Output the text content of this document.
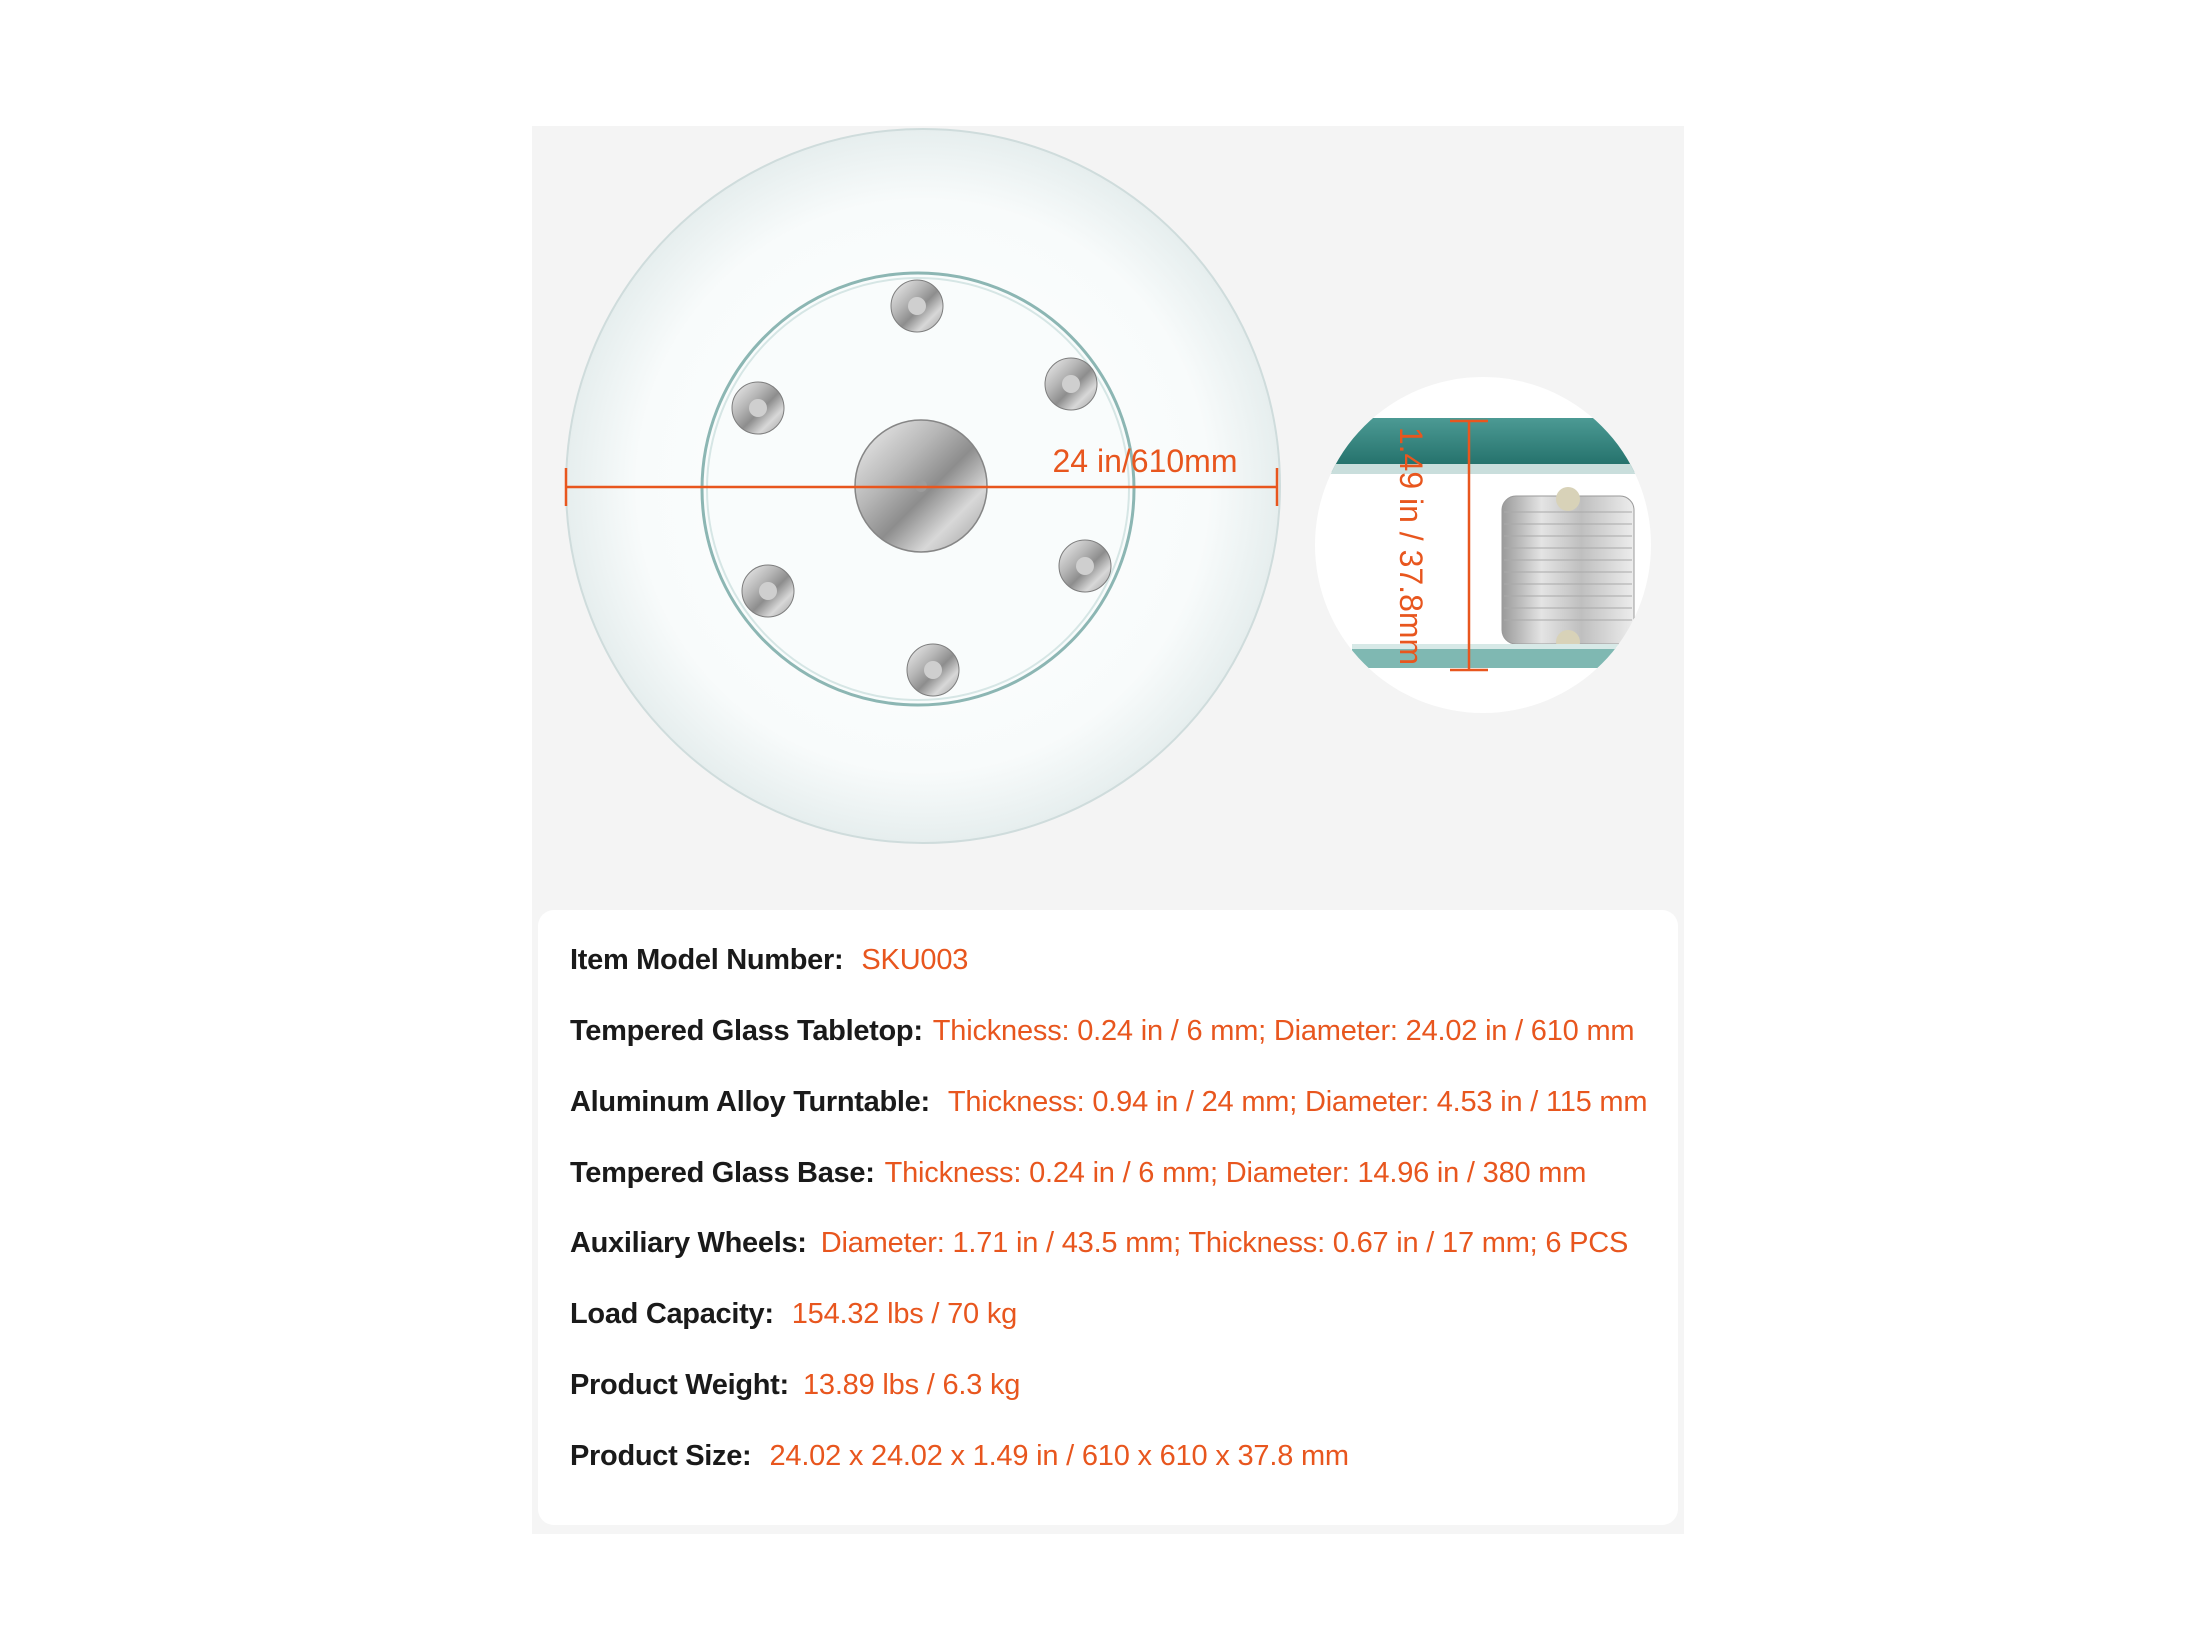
24 in/610mm	1.49 in / 37.8mm
Item Model Number: SKU003
Tempered Glass Tabletop: Thickness: 0.24 in / 6 mm; Diameter: 24.02 in / 610 mm
Aluminum Alloy Turntable: Thickness: 0.94 in / 24 mm; Diameter: 4.53 in / 115 mm
Tempered Glass Base: Thickness: 0.24 in / 6 mm; Diameter: 14.96 in / 380 mm
Auxiliary Wheels: Diameter: 1.71 in / 43.5 mm; Thickness: 0.67 in / 17 mm; 6 PCS
Load Capacity: 154.32 lbs / 70 kg
Product Weight: 13.89 lbs / 6.3 kg
Product Size: 24.02 x 24.02 x 1.49 in / 610 x 610 x 37.8 mm
